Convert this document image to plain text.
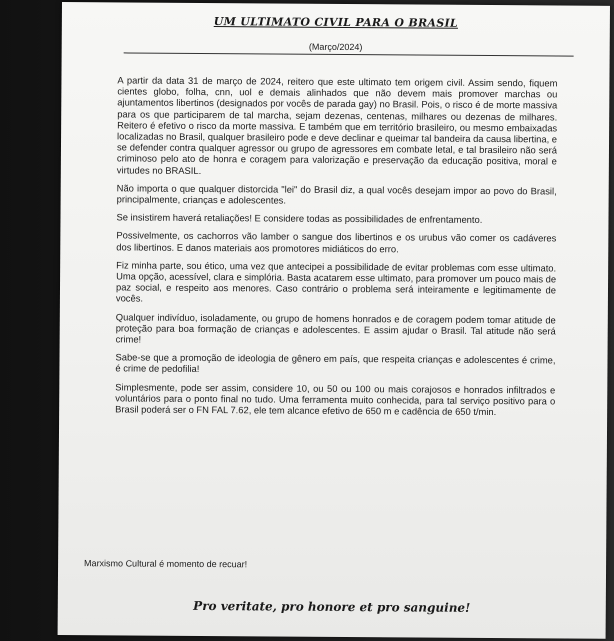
UM ULTIMATO CIVIL PARA O BRASIL
(Março/2024)

A partir da data 31 de março de 2024, reitero que este ultimato tem origem civil. Assim sendo, fiquem cientes globo, folha, cnn, uol e demais alinhados que não devem mais promover marchas ou ajuntamentos libertinos (designados por vocês de parada gay) no Brasil. Pois, o risco é de morte massiva para os que participarem de tal marcha, sejam dezenas, centenas, milhares ou dezenas de milhares. Reitero é efetivo o risco da morte massiva. E também que em território brasileiro, ou mesmo embaixadas localizadas no Brasil, qualquer brasileiro pode e deve declinar e queimar tal bandeira da causa libertina, e se defender contra qualquer agressor ou grupo de agressores em combate letal, e tal brasileiro não será criminoso pelo ato de honra e coragem para valorização e preservação da educação positiva, moral e virtudes no BRASIL.

Não importa o que qualquer distorcida "lei" do Brasil diz, a qual vocês desejam impor ao povo do Brasil, principalmente, crianças e adolescentes.

Se insistirem haverá retaliações! E considere todas as possibilidades de enfrentamento.

Possivelmente, os cachorros vão lamber o sangue dos libertinos e os urubus vão comer os cadáveres dos libertinos. E danos materiais aos promotores midiáticos do erro.

Fiz minha parte, sou ético, uma vez que antecipei a possibilidade de evitar problemas com esse ultimato. Uma opção, acessível, clara e simplória. Basta acatarem esse ultimato, para promover um pouco mais de paz social, e respeito aos menores. Caso contrário o problema será inteiramente e legitimamente de vocês.

Qualquer indivíduo, isoladamente, ou grupo de homens honrados e de coragem podem tomar atitude de proteção para boa formação de crianças e adolescentes. E assim ajudar o Brasil. Tal atitude não será crime!

Sabe-se que a promoção de ideologia de gênero em país, que respeita crianças e adolescentes é crime, é crime de pedofilia!

Simplesmente, pode ser assim, considere 10, ou 50 ou 100 ou mais corajosos e honrados infiltrados e voluntários para o ponto final no tudo. Uma ferramenta muito conhecida, para tal serviço positivo para o Brasil poderá ser o FN FAL 7.62, ele tem alcance efetivo de 650 m e cadência de 650 t/min.

Marxismo Cultural é momento de recuar!
Pro veritate, pro honore et pro sanguine!
